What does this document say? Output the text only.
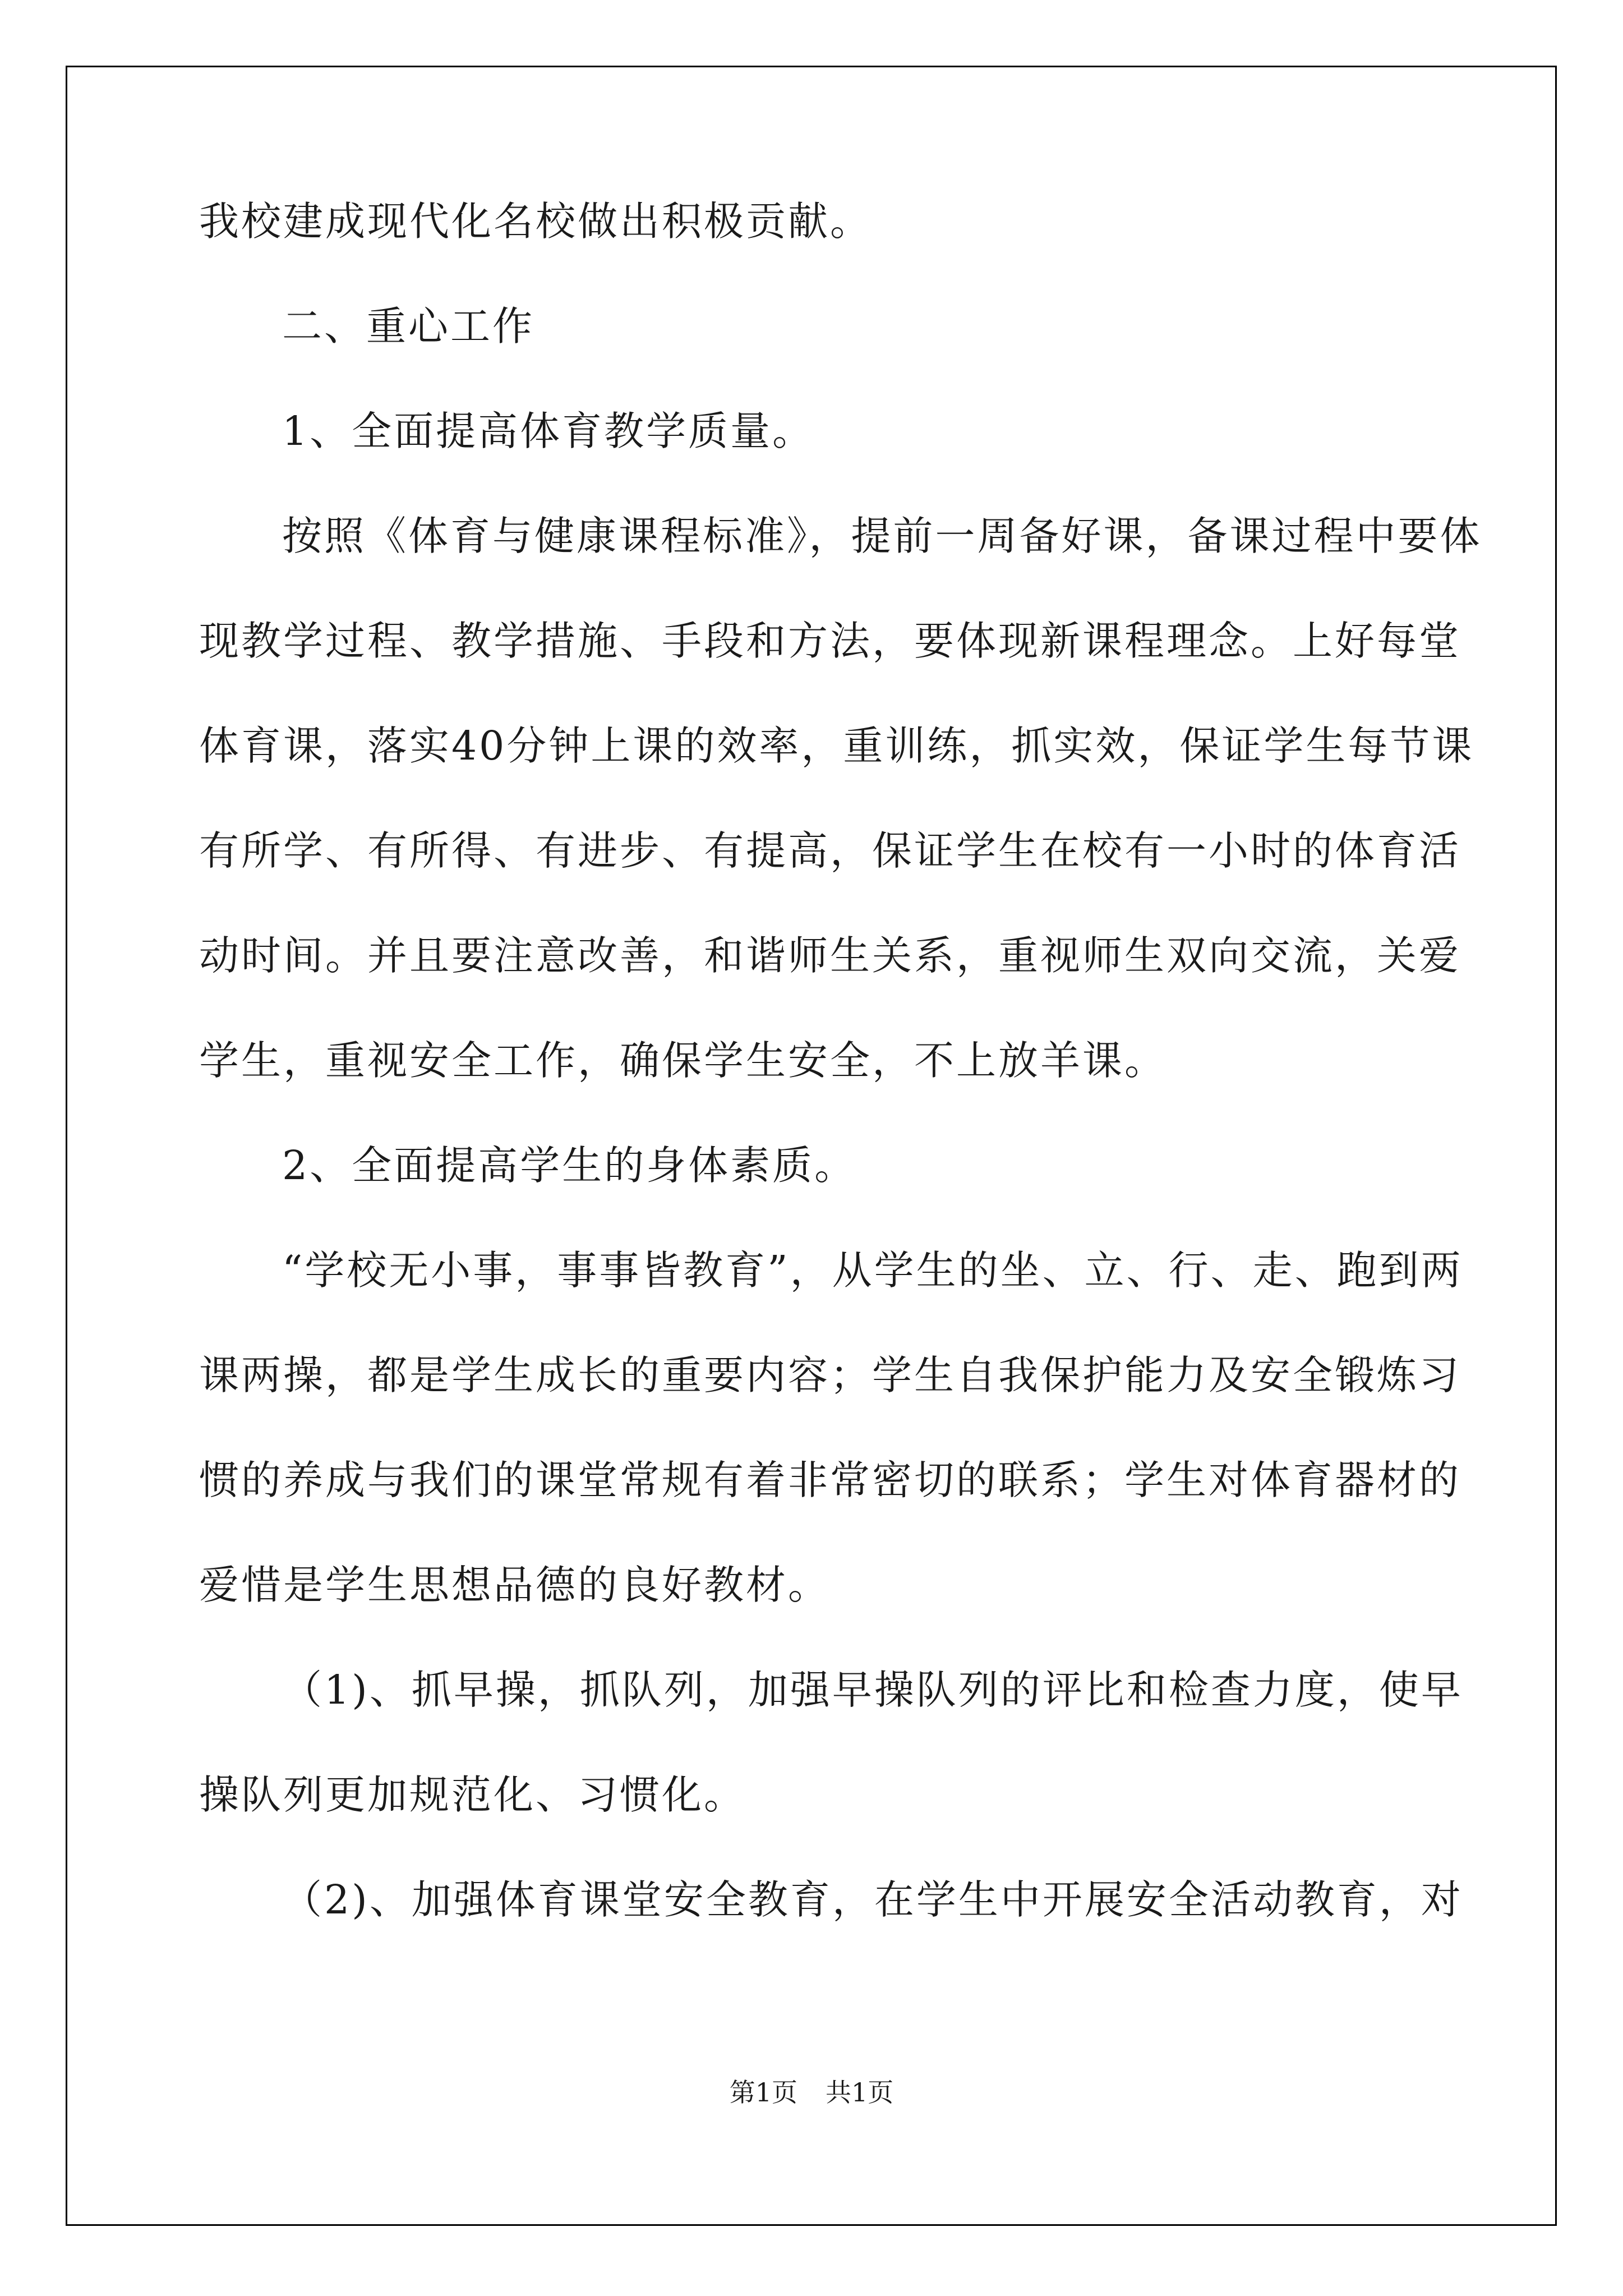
我校建成现代化名校做出积极贡献。
二、重心工作
1、全面提高体育教学质量。
按照《体育与健康课程标准》，提前一周备好课，备课过程中要体
现教学过程、教学措施、手段和方法，要体现新课程理念。上好每堂
体育课，落实40分钟上课的效率，重训练，抓实效，保证学生每节课
有所学、有所得、有进步、有提高，保证学生在校有一小时的体育活
动时间。并且要注意改善，和谐师生关系，重视师生双向交流，关爱
学生，重视安全工作，确保学生安全，不上放羊课。
2、全面提高学生的身体素质。
“学校无小事，事事皆教育”，从学生的坐、立、行、走、跑到两
课两操，都是学生成长的重要内容；学生自我保护能力及安全锻炼习
惯的养成与我们的课堂常规有着非常密切的联系；学生对体育器材的
爱惜是学生思想品德的良好教材。
（1)、抓早操，抓队列，加强早操队列的评比和检查力度，使早
操队列更加规范化、习惯化。
（2)、加强体育课堂安全教育，在学生中开展安全活动教育，对
第1页 共1页
